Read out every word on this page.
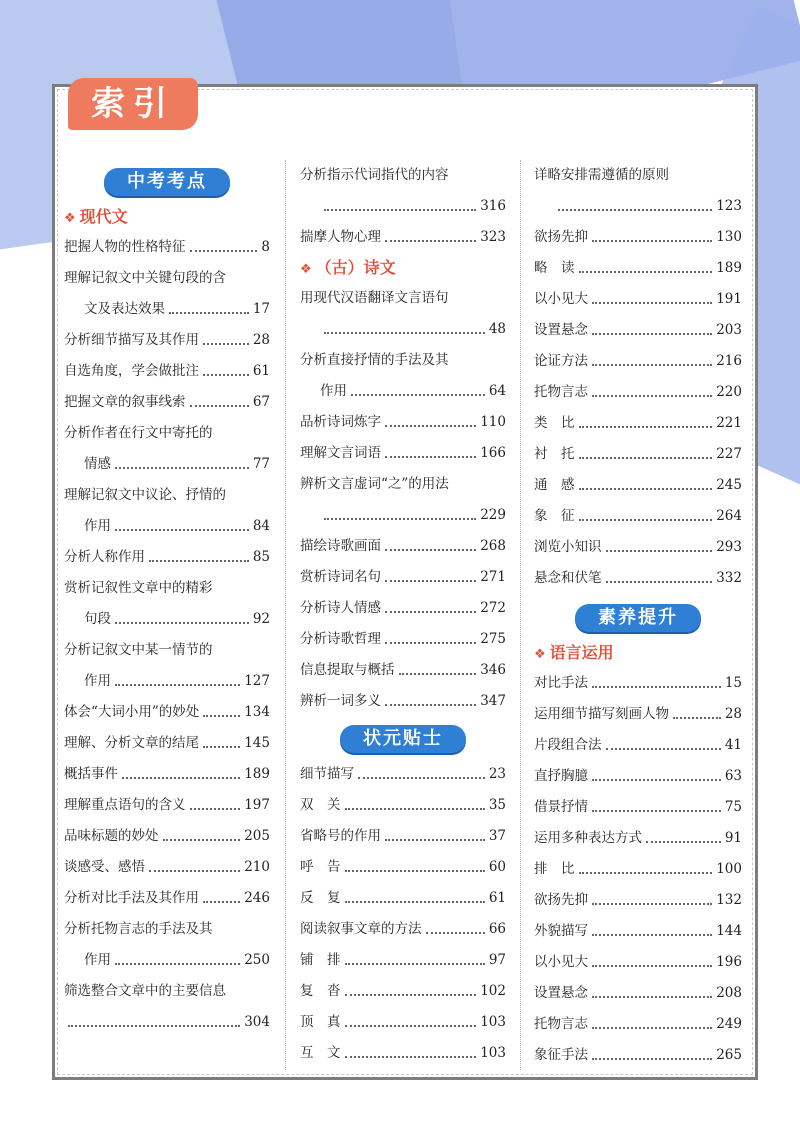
索引
中考考点
❖ 现代文
把握人物的性格特征	8
理解记叙文中关键句段的含
文及表达效果	17
分析细节描写及其作用	28
自选角度，学会做批注	61
把握文章的叙事线索	67
分析作者在行文中寄托的
情感	77
理解记叙文中议论、抒情的
作用	84
分析人称作用	85
赏析记叙性文章中的精彩
句段	92
分析记叙文中某一情节的
作用	127
体会“大词小用”的妙处	134
理解、分析文章的结尾	145
概括事件	189
理解重点语句的含义	197
品味标题的妙处	205
谈感受、感悟	210
分析对比手法及其作用	246
分析托物言志的手法及其
作用	250
筛选整合文章中的主要信息
304
分析指示代词指代的内容
316
揣摩人物心理	323
❖ （古）诗文
用现代汉语翻译文言语句
48
分析直接抒情的手法及其
作用	64
品析诗词炼字	110
理解文言词语	166
辨析文言虚词“之”的用法
229
描绘诗歌画面	268
赏析诗词名句	271
分析诗人情感	272
分析诗歌哲理	275
信息提取与概括	346
辨析一词多义	347
状元贴士
细节描写	23
双　关	35
省略号的作用	37
呼　告	60
反　复	61
阅读叙事文章的方法	66
铺　排	97
复　沓	102
顶　真	103
互　文	103
详略安排需遵循的原则
123
欲扬先抑	130
略　读	189
以小见大	191
设置悬念	203
论证方法	216
托物言志	220
类　比	221
衬　托	227
通　感	245
象　征	264
浏览小知识	293
悬念和伏笔	332
素养提升
❖ 语言运用
对比手法	15
运用细节描写刻画人物	28
片段组合法	41
直抒胸臆	63
借景抒情	75
运用多种表达方式	91
排　比	100
欲扬先抑	132
外貌描写	144
以小见大	196
设置悬念	208
托物言志	249
象征手法	265
